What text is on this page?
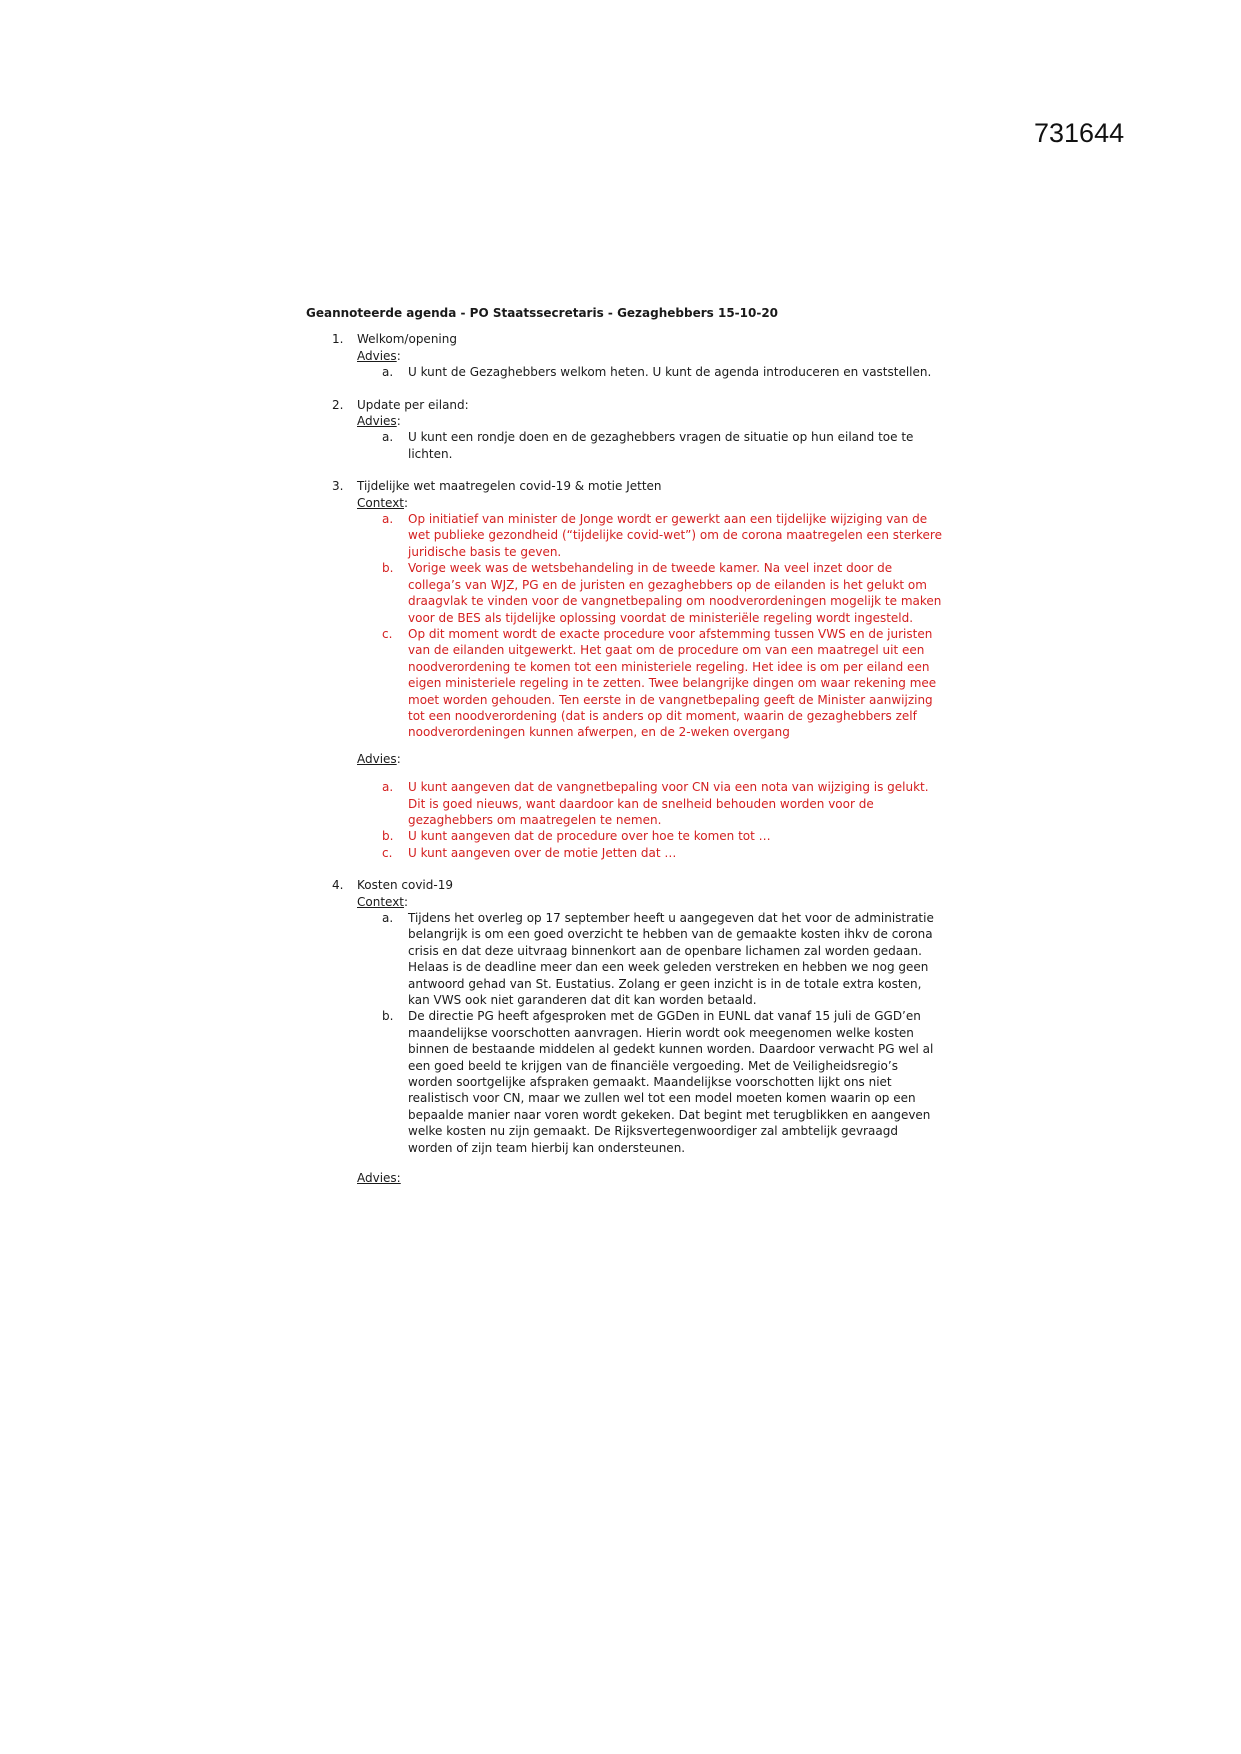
731644
Geannoteerde agenda - PO Staatssecretaris - Gezaghebbers 15-10-20
1. Welkom/opening
Advies:
a. U kunt de Gezaghebbers welkom heten. U kunt de agenda introduceren en vaststellen.
2. Update per eiland:
Advies:
a. U kunt een rondje doen en de gezaghebbers vragen de situatie op hun eiland toe te lichten.
3. Tijdelijke wet maatregelen covid-19 & motie Jetten
Context:
a. Op initiatief van minister de Jonge wordt er gewerkt aan een tijdelijke wijziging van de wet publieke gezondheid (“tijdelijke covid-wet”) om de corona maatregelen een sterkere juridische basis te geven.
b. Vorige week was de wetsbehandeling in de tweede kamer. Na veel inzet door de collega’s van WJZ, PG en de juristen en gezaghebbers op de eilanden is het gelukt om draagvlak te vinden voor de vangnetbepaling om noodverordeningen mogelijk te maken voor de BES als tijdelijke oplossing voordat de ministeriële regeling wordt ingesteld.
c. Op dit moment wordt de exacte procedure voor afstemming tussen VWS en de juristen van de eilanden uitgewerkt. Het gaat om de procedure om van een maatregel uit een noodverordening te komen tot een ministeriele regeling. Het idee is om per eiland een eigen ministeriele regeling in te zetten. Twee belangrijke dingen om waar rekening mee moet worden gehouden. Ten eerste in de vangnetbepaling geeft de Minister aanwijzing tot een noodverordening (dat is anders op dit moment, waarin de gezaghebbers zelf noodverordeningen kunnen afwerpen, en de 2-weken overgang
Advies:
a. U kunt aangeven dat de vangnetbepaling voor CN via een nota van wijziging is gelukt. Dit is goed nieuws, want daardoor kan de snelheid behouden worden voor de gezaghebbers om maatregelen te nemen.
b. U kunt aangeven dat de procedure over hoe te komen tot …
c. U kunt aangeven over de motie Jetten dat …
4. Kosten covid-19
Context:
a. Tijdens het overleg op 17 september heeft u aangegeven dat het voor de administratie belangrijk is om een goed overzicht te hebben van de gemaakte kosten ihkv de corona crisis en dat deze uitvraag binnenkort aan de openbare lichamen zal worden gedaan. Helaas is de deadline meer dan een week geleden verstreken en hebben we nog geen antwoord gehad van St. Eustatius. Zolang er geen inzicht is in de totale extra kosten, kan VWS ook niet garanderen dat dit kan worden betaald.
b. De directie PG heeft afgesproken met de GGDen in EUNL dat vanaf 15 juli de GGD’en maandelijkse voorschotten aanvragen. Hierin wordt ook meegenomen welke kosten binnen de bestaande middelen al gedekt kunnen worden. Daardoor verwacht PG wel al een goed beeld te krijgen van de financiële vergoeding. Met de Veiligheidsregio’s worden soortgelijke afspraken gemaakt. Maandelijkse voorschotten lijkt ons niet realistisch voor CN, maar we zullen wel tot een model moeten komen waarin op een bepaalde manier naar voren wordt gekeken. Dat begint met terugblikken en aangeven welke kosten nu zijn gemaakt. De Rijksvertegenwoordiger zal ambtelijk gevraagd worden of zijn team hierbij kan ondersteunen.
Advies:
